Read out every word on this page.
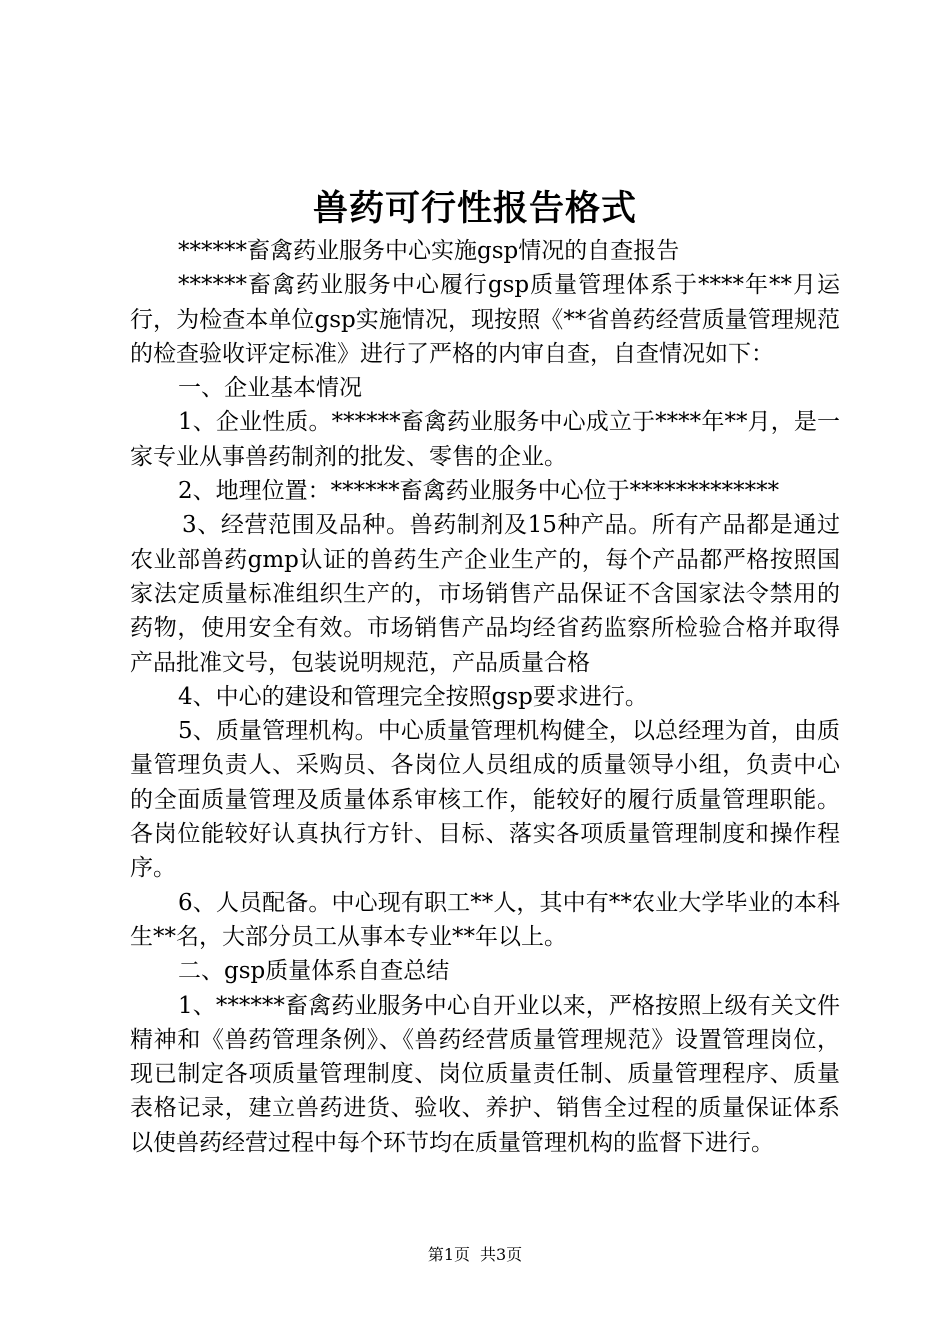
兽药可行性报告格式

******畜禽药业服务中心实施gsp情况的自查报告

******畜禽药业服务中心履行gsp质量管理体系于****年**月运行，为检查本单位gsp实施情况，现按照《**省兽药经营质量管理规范的检查验收评定标准》进行了严格的内审自查，自查情况如下：

一、企业基本情况

1、企业性质。******畜禽药业服务中心成立于****年**月，是一家专业从事兽药制剂的批发、零售的企业。

2、地理位置：******畜禽药业服务中心位于*************

3、经营范围及品种。兽药制剂及15种产品。所有产品都是通过农业部兽药gmp认证的兽药生产企业生产的，每个产品都严格按照国家法定质量标准组织生产的，市场销售产品保证不含国家法令禁用的药物，使用安全有效。市场销售产品均经省药监察所检验合格并取得产品批准文号，包装说明规范，产品质量合格

4、中心的建设和管理完全按照gsp要求进行。

5、质量管理机构。中心质量管理机构健全，以总经理为首，由质量管理负责人、采购员、各岗位人员组成的质量领导小组，负责中心的全面质量管理及质量体系审核工作，能较好的履行质量管理职能。各岗位能较好认真执行方针、目标、落实各项质量管理制度和操作程序。

6、人员配备。中心现有职工**人，其中有**农业大学毕业的本科生**名，大部分员工从事本专业**年以上。

二、gsp质量体系自查总结

1、******畜禽药业服务中心自开业以来，严格按照上级有关文件精神和《兽药管理条例》、《兽药经营质量管理规范》设置管理岗位，现已制定各项质量管理制度、岗位质量责任制、质量管理程序、质量表格记录，建立兽药进货、验收、养护、销售全过程的质量保证体系以使兽药经营过程中每个环节均在质量管理机构的监督下进行。

第1页 共3页
